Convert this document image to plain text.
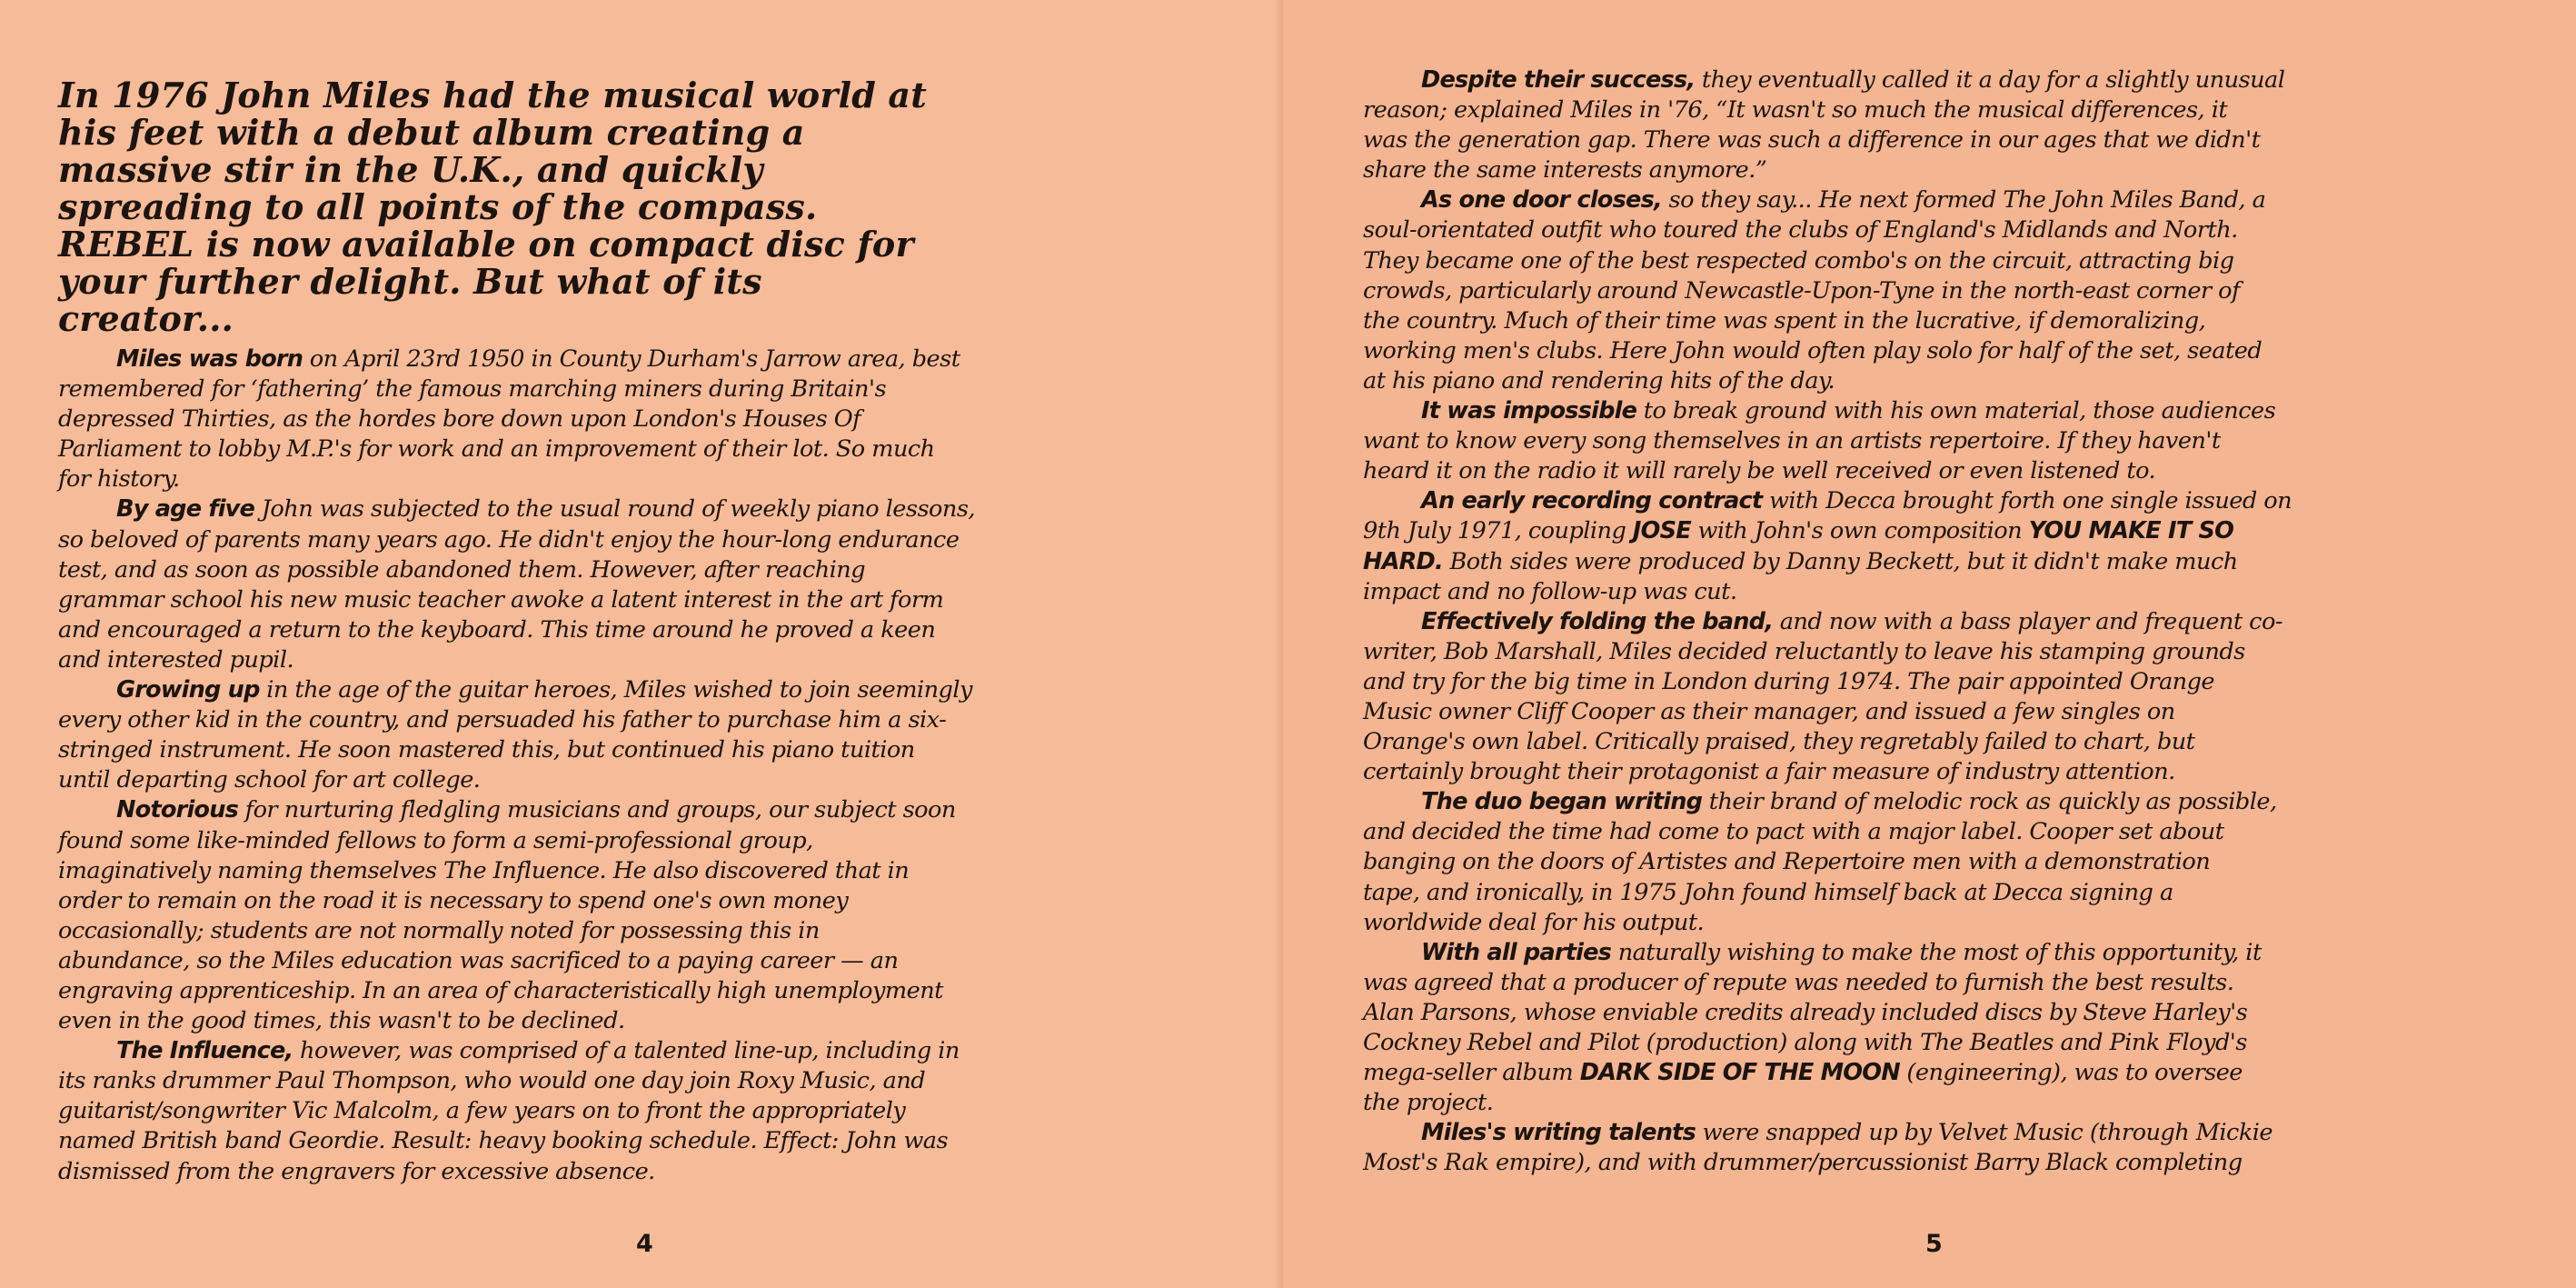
In 1976 John Miles had the musical world at
his feet with a debut album creating a
massive stir in the U.K., and quickly
spreading to all points of the compass.
REBEL is now available on compact disc for
your further delight. But what of its
creator...

Miles was born on April 23rd 1950 in County Durham's Jarrow area, best
remembered for ‘fathering’ the famous marching miners during Britain's
depressed Thirties, as the hordes bore down upon London's Houses Of
Parliament to lobby M.P.'s for work and an improvement of their lot. So much
for history.

By age five John was subjected to the usual round of weekly piano lessons,
so beloved of parents many years ago. He didn't enjoy the hour-long endurance
test, and as soon as possible abandoned them. However, after reaching
grammar school his new music teacher awoke a latent interest in the art form
and encouraged a return to the keyboard. This time around he proved a keen
and interested pupil.

Growing up in the age of the guitar heroes, Miles wished to join seemingly
every other kid in the country, and persuaded his father to purchase him a six-
stringed instrument. He soon mastered this, but continued his piano tuition
until departing school for art college.

Notorious for nurturing fledgling musicians and groups, our subject soon
found some like-minded fellows to form a semi-professional group,
imaginatively naming themselves The Influence. He also discovered that in
order to remain on the road it is necessary to spend one's own money
occasionally; students are not normally noted for possessing this in
abundance, so the Miles education was sacrificed to a paying career — an
engraving apprenticeship. In an area of characteristically high unemployment
even in the good times, this wasn't to be declined.

The Influence, however, was comprised of a talented line-up, including in
its ranks drummer Paul Thompson, who would one day join Roxy Music, and
guitarist/songwriter Vic Malcolm, a few years on to front the appropriately
named British band Geordie. Result: heavy booking schedule. Effect: John was
dismissed from the engravers for excessive absence.

4

Despite their success, they eventually called it a day for a slightly unusual
reason; explained Miles in '76, “It wasn't so much the musical differences, it
was the generation gap. There was such a difference in our ages that we didn't
share the same interests anymore.”

As one door closes, so they say... He next formed The John Miles Band, a
soul-orientated outfit who toured the clubs of England's Midlands and North.
They became one of the best respected combo's on the circuit, attracting big
crowds, particularly around Newcastle-Upon-Tyne in the north-east corner of
the country. Much of their time was spent in the lucrative, if demoralizing,
working men's clubs. Here John would often play solo for half of the set, seated
at his piano and rendering hits of the day.

It was impossible to break ground with his own material, those audiences
want to know every song themselves in an artists repertoire. If they haven't
heard it on the radio it will rarely be well received or even listened to.

An early recording contract with Decca brought forth one single issued on
9th July 1971, coupling JOSE with John's own composition YOU MAKE IT SO
HARD. Both sides were produced by Danny Beckett, but it didn't make much
impact and no follow-up was cut.

Effectively folding the band, and now with a bass player and frequent co-
writer, Bob Marshall, Miles decided reluctantly to leave his stamping grounds
and try for the big time in London during 1974. The pair appointed Orange
Music owner Cliff Cooper as their manager, and issued a few singles on
Orange's own label. Critically praised, they regretably failed to chart, but
certainly brought their protagonist a fair measure of industry attention.

The duo began writing their brand of melodic rock as quickly as possible,
and decided the time had come to pact with a major label. Cooper set about
banging on the doors of Artistes and Repertoire men with a demonstration
tape, and ironically, in 1975 John found himself back at Decca signing a
worldwide deal for his output.

With all parties naturally wishing to make the most of this opportunity, it
was agreed that a producer of repute was needed to furnish the best results.
Alan Parsons, whose enviable credits already included discs by Steve Harley's
Cockney Rebel and Pilot (production) along with The Beatles and Pink Floyd's
mega-seller album DARK SIDE OF THE MOON (engineering), was to oversee
the project.

Miles's writing talents were snapped up by Velvet Music (through Mickie
Most's Rak empire), and with drummer/percussionist Barry Black completing

5
